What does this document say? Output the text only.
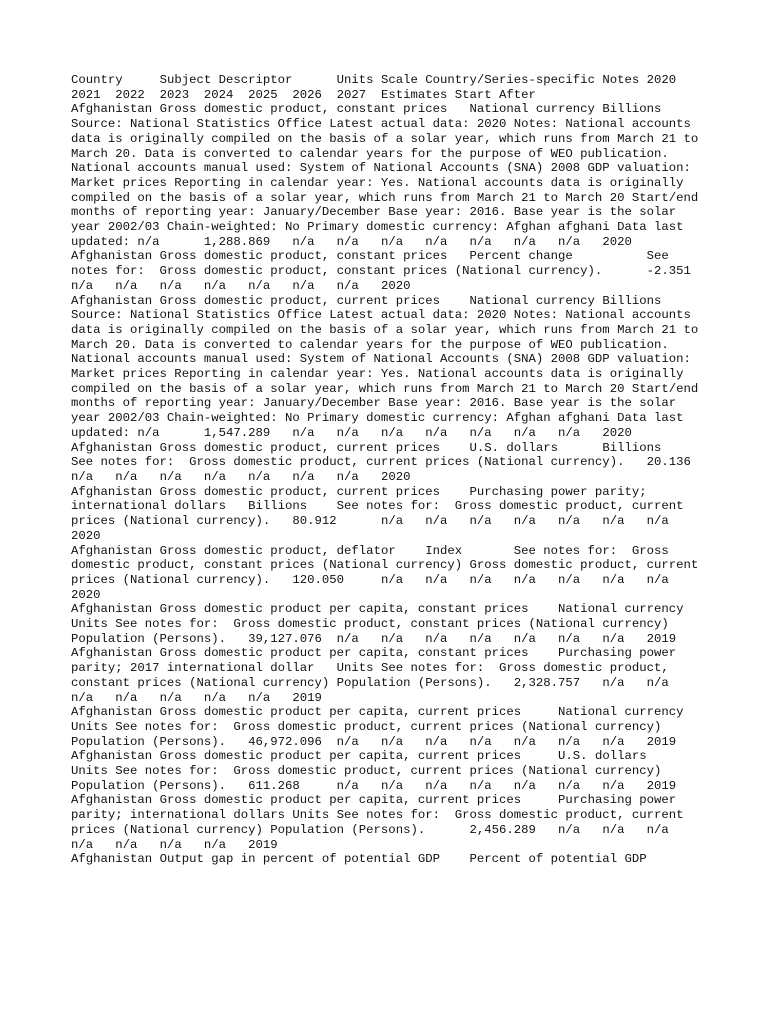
Country	Subject Descriptor	Units	Scale	Country/Series-specific Notes	2020	2021	2022	2023	2024	2025	2026	2027	Estimates Start After
Afghanistan	Gross domestic product, constant prices	National currency	Billions	Source: National Statistics Office Latest actual data: 2020 Notes: National accounts data is originally compiled on the basis of a solar year, which runs from March 21 to March 20. Data is converted to calendar years for the purpose of WEO publication. National accounts manual used: System of National Accounts (SNA) 2008 GDP valuation: Market prices Reporting in calendar year: Yes. National accounts data is originally compiled on the basis of a solar year, which runs from March 21 to March 20 Start/end months of reporting year: January/December Base year: 2016. Base year is the solar year 2002/03 Chain-weighted: No Primary domestic currency: Afghan afghani Data last updated: n/a	1,288.869	n/a	n/a	n/a	n/a	n/a	n/a	n/a	2020
Afghanistan	Gross domestic product, constant prices	Percent change		See notes for:  Gross domestic product, constant prices (National currency).	-2.351	n/a	n/a	n/a	n/a	n/a	n/a	n/a	2020
Afghanistan	Gross domestic product, current prices	National currency	Billions	Source: National Statistics Office Latest actual data: 2020 Notes: National accounts data is originally compiled on the basis of a solar year, which runs from March 21 to March 20. Data is converted to calendar years for the purpose of WEO publication. National accounts manual used: System of National Accounts (SNA) 2008 GDP valuation: Market prices Reporting in calendar year: Yes. National accounts data is originally compiled on the basis of a solar year, which runs from March 21 to March 20 Start/end months of reporting year: January/December Base year: 2016. Base year is the solar year 2002/03 Chain-weighted: No Primary domestic currency: Afghan afghani Data last updated: n/a	1,547.289	n/a	n/a	n/a	n/a	n/a	n/a	n/a	2020
Afghanistan	Gross domestic product, current prices	U.S. dollars	Billions	See notes for:  Gross domestic product, current prices (National currency).	20.136	n/a	n/a	n/a	n/a	n/a	n/a	n/a	2020
Afghanistan	Gross domestic product, current prices	Purchasing power parity; international dollars	Billions	See notes for:  Gross domestic product, current prices (National currency).	80.912	n/a	n/a	n/a	n/a	n/a	n/a	n/a	2020
Afghanistan	Gross domestic product, deflator	Index		See notes for:  Gross domestic product, constant prices (National currency) Gross domestic product, current prices (National currency).	120.050	n/a	n/a	n/a	n/a	n/a	n/a	n/a	2020
Afghanistan	Gross domestic product per capita, constant prices	National currency	Units	See notes for:  Gross domestic product, constant prices (National currency) Population (Persons).	39,127.076	n/a	n/a	n/a	n/a	n/a	n/a	n/a	2019
Afghanistan	Gross domestic product per capita, constant prices	Purchasing power parity; 2017 international dollar	Units	See notes for:  Gross domestic product, constant prices (National currency) Population (Persons).	2,328.757	n/a	n/a	n/a	n/a	n/a	n/a	n/a	2019
Afghanistan	Gross domestic product per capita, current prices	National currency	Units	See notes for:  Gross domestic product, current prices (National currency) Population (Persons).	46,972.096	n/a	n/a	n/a	n/a	n/a	n/a	n/a	2019
Afghanistan	Gross domestic product per capita, current prices	U.S. dollars	Units	See notes for:  Gross domestic product, current prices (National currency) Population (Persons).	611.268	n/a	n/a	n/a	n/a	n/a	n/a	n/a	2019
Afghanistan	Gross domestic product per capita, current prices	Purchasing power parity; international dollars	Units	See notes for:  Gross domestic product, current prices (National currency) Population (Persons).	2,456.289	n/a	n/a	n/a	n/a	n/a	n/a	n/a	2019
Afghanistan	Output gap in percent of potential GDP	Percent of potential GDP
